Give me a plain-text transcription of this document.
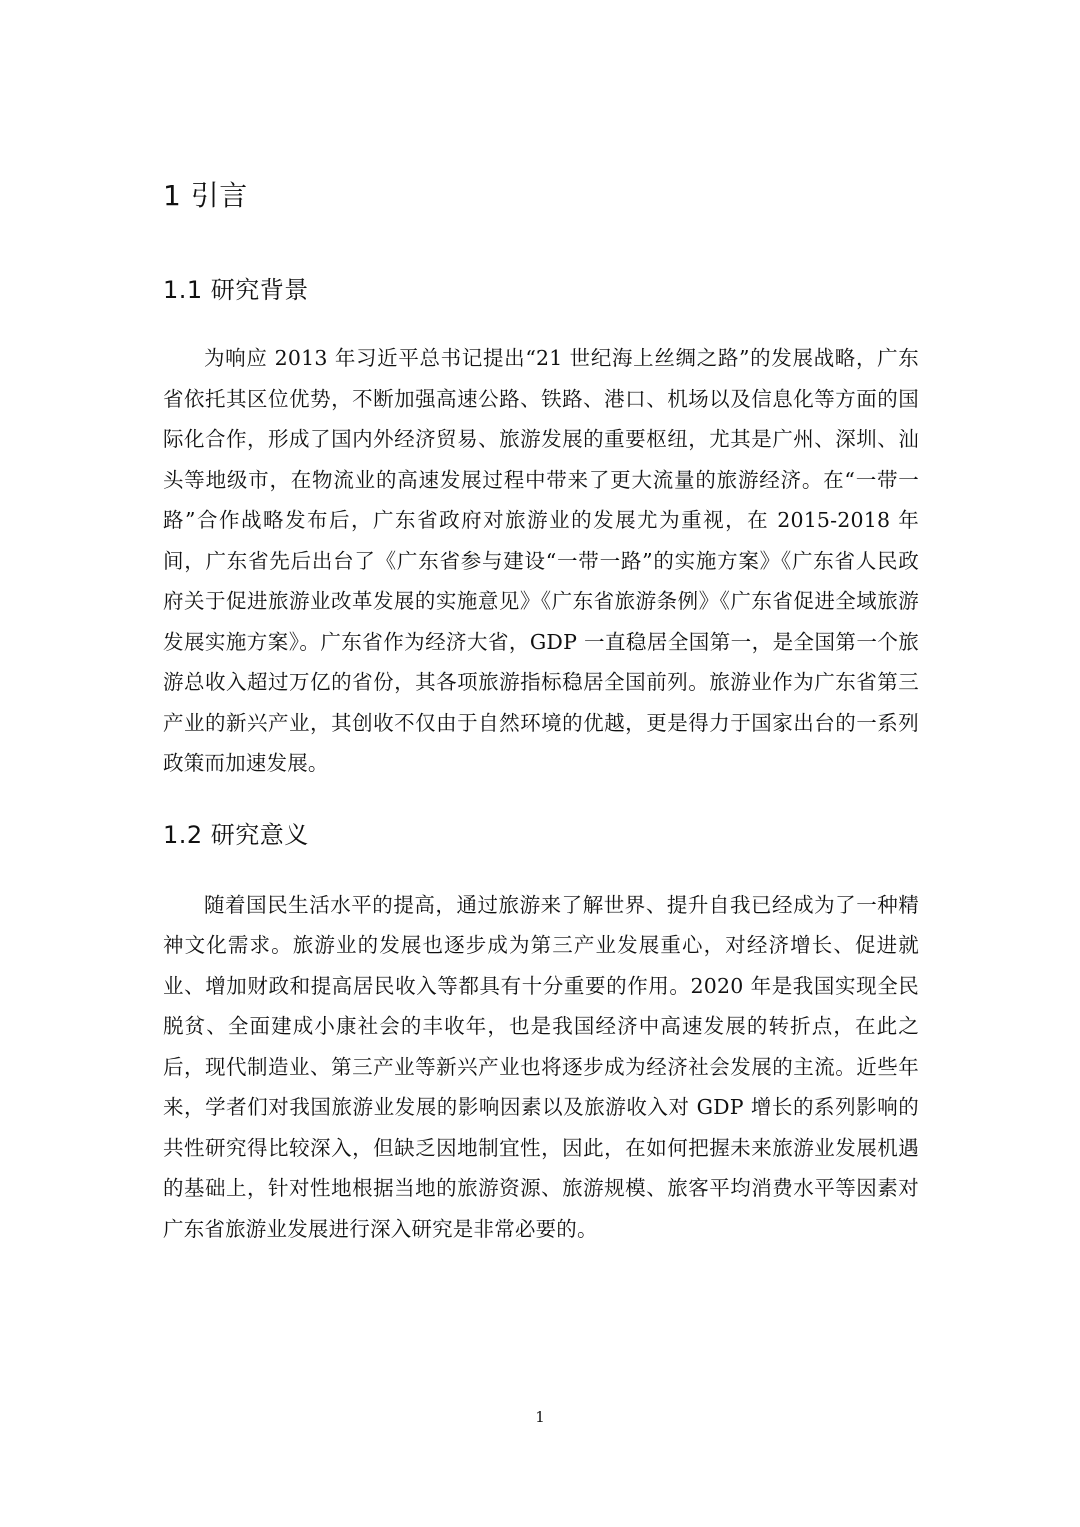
1 引言
1.1 研究背景

为响应 2013 年习近平总书记提出“21 世纪海上丝绸之路”的发展战略，广东省依托其区位优势，不断加强高速公路、铁路、港口、机场以及信息化等方面的国际化合作，形成了国内外经济贸易、旅游发展的重要枢纽，尤其是广州、深圳、汕头等地级市，在物流业的高速发展过程中带来了更大流量的旅游经济。在“一带一路”合作战略发布后，广东省政府对旅游业的发展尤为重视，在 2015-2018 年间，广东省先后出台了《广东省参与建设“一带一路”的实施方案》《广东省人民政府关于促进旅游业改革发展的实施意见》《广东省旅游条例》《广东省促进全域旅游发展实施方案》。广东省作为经济大省，GDP 一直稳居全国第一，是全国第一个旅游总收入超过万亿的省份，其各项旅游指标稳居全国前列。旅游业作为广东省第三产业的新兴产业，其创收不仅由于自然环境的优越，更是得力于国家出台的一系列政策而加速发展。

1.2 研究意义

随着国民生活水平的提高，通过旅游来了解世界、提升自我已经成为了一种精神文化需求。旅游业的发展也逐步成为第三产业发展重心，对经济增长、促进就业、增加财政和提高居民收入等都具有十分重要的作用。2020 年是我国实现全民脱贫、全面建成小康社会的丰收年，也是我国经济中高速发展的转折点，在此之后，现代制造业、第三产业等新兴产业也将逐步成为经济社会发展的主流。近些年来，学者们对我国旅游业发展的影响因素以及旅游收入对 GDP 增长的系列影响的共性研究得比较深入，但缺乏因地制宜性，因此，在如何把握未来旅游业发展机遇的基础上，针对性地根据当地的旅游资源、旅游规模、旅客平均消费水平等因素对广东省旅游业发展进行深入研究是非常必要的。

1
